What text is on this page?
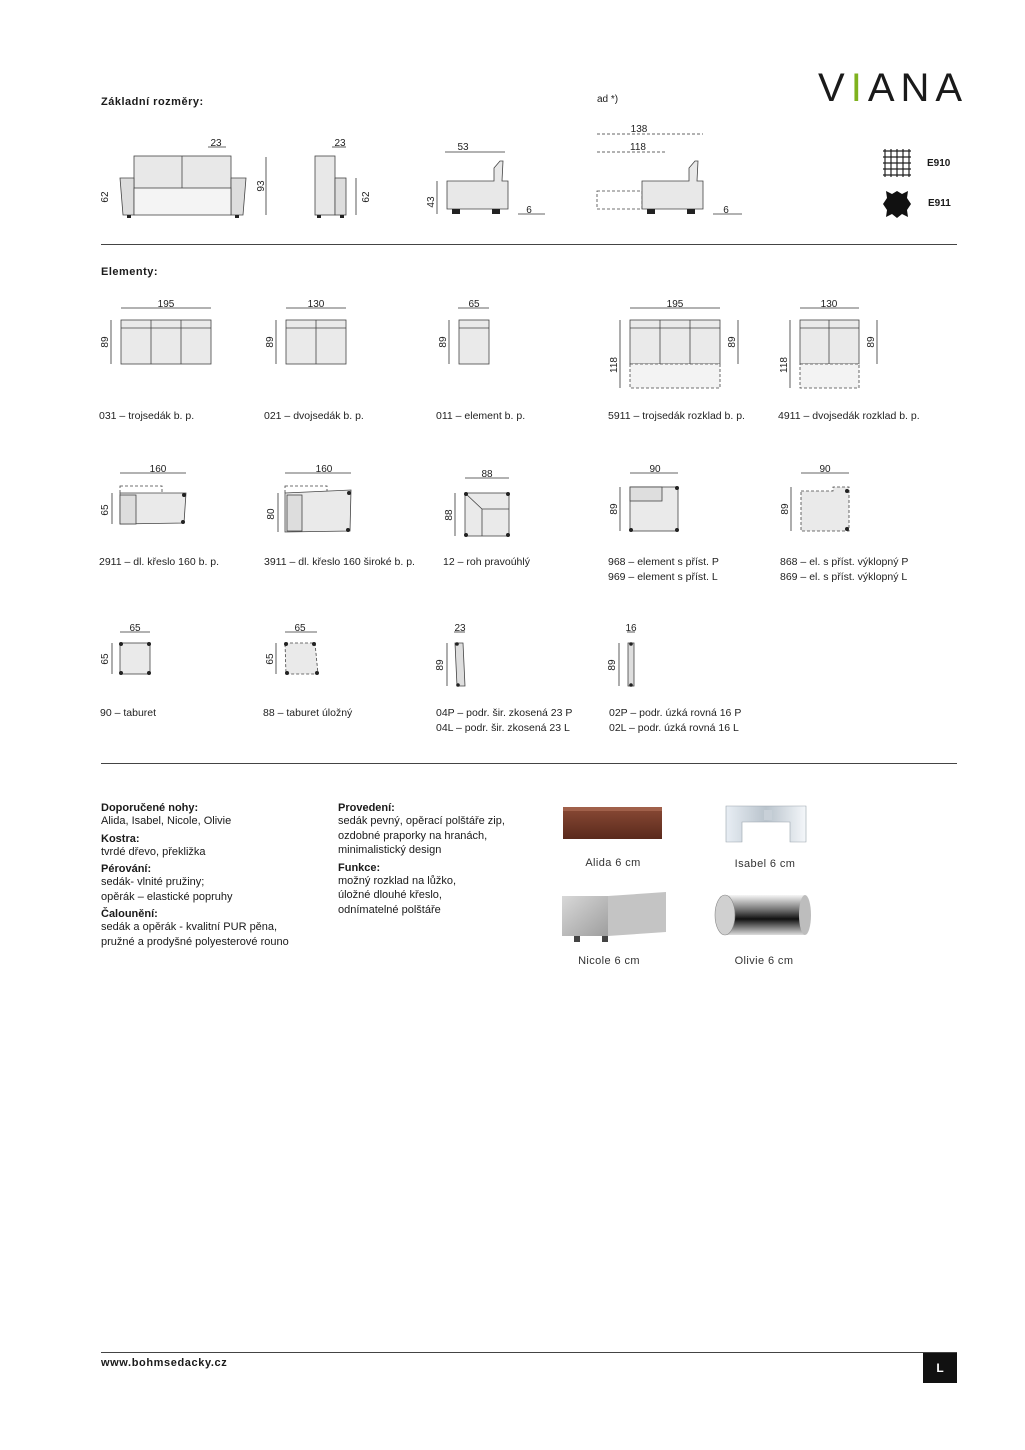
Základní rozměry:	ad *)	VIANA
23
62
93
23
62
53
43
6
138
118
6
E910
E911
Elementy:
195
89
130
89
65
89
195
118
89
130
118
89
031 – trojsedák b. p.	021 – dvojsedák b. p.	011 – element b. p.	5911 – trojsedák rozklad b. p.	4911 – dvojsedák rozklad b. p.
160
65
160
80
88
88
90
89
90
89
2911 – dl. křeslo 160 b. p.	3911 – dl. křeslo 160 široké b. p.	12 – roh pravoúhlý	968 – element s příst. P
969 – element s příst. L
868 – el. s příst. výklopný P
869 – el. s příst. výklopný L
65
65
65
65
23
89
16
89
90 – taburet	88 – taburet úložný	04P – podr. šir. zkosená 23 P
04L – podr. šir. zkosená 23 L
02P – podr. úzká rovná 16 P
02L – podr. úzká rovná 16 L
Doporučené nohy:
Alida, Isabel, Nicole, Olivie
Kostra:
tvrdé dřevo, překližka
Pérování:
sedák- vlnité pružiny;
opěrák – elastické popruhy
Čalounění:
sedák a opěrák - kvalitní PUR pěna,
pružné a prodyšné polyesterové rouno
Provedení:
sedák pevný, opěrací polštáře zip,
ozdobné praporky na hranách,
minimalistický design
Funkce:
možný rozklad na lůžko,
úložné dlouhé křeslo,
odnímatelné polštáře
Alida 6 cm	Isabel 6 cm
Nicole 6 cm	Olivie 6 cm
www.bohmsedacky.cz	L
